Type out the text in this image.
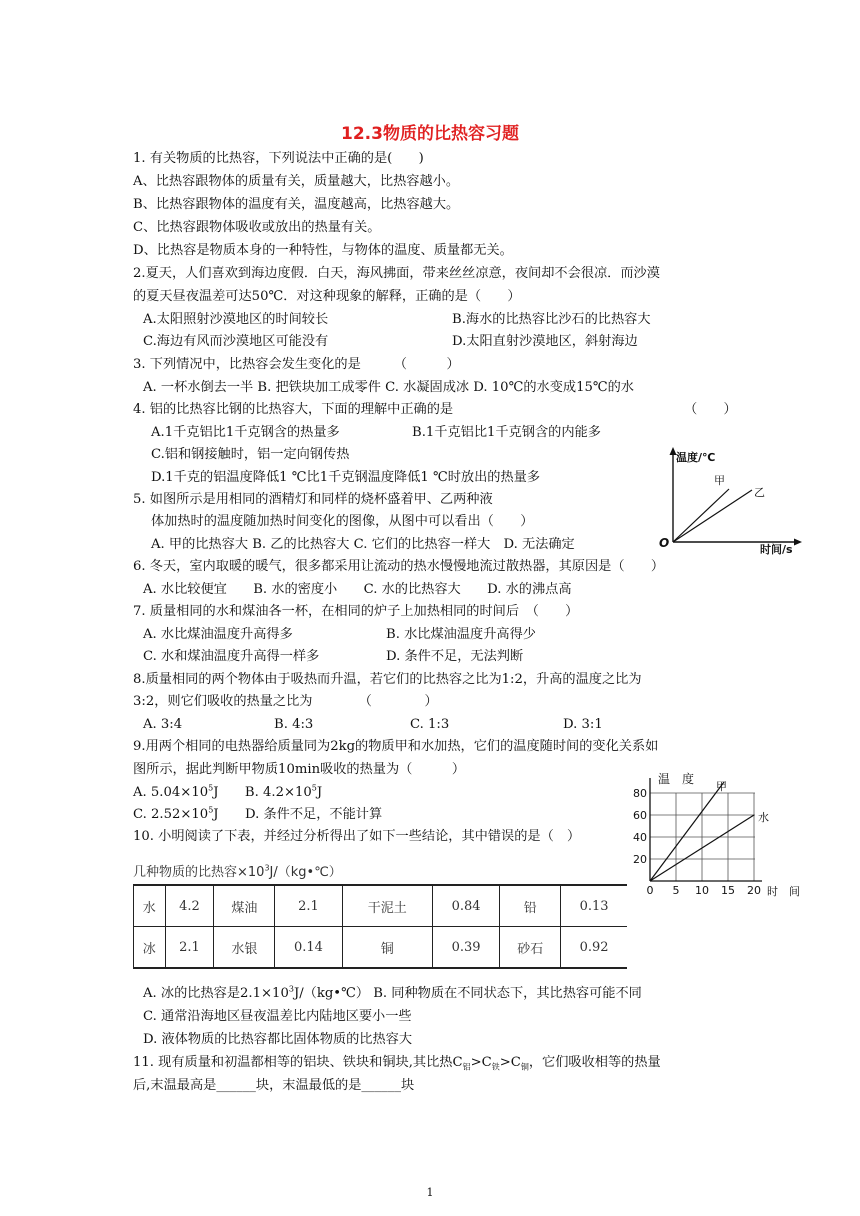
12.3物质的比热容习题
1. 有关物质的比热容，下列说法中正确的是(　　)
A、比热容跟物体的质量有关，质量越大，比热容越小。
B、比热容跟物体的温度有关，温度越高，比热容越大。
C、比热容跟物体吸收或放出的热量有关。
D、比热容是物质本身的一种特性，与物体的温度、质量都无关。
2.夏天，人们喜欢到海边度假．白天，海风拂面，带来丝丝凉意，夜间却不会很凉．而沙漠
的夏天昼夜温差可达50℃．对这种现象的解释，正确的是（　　）
A.太阳照射沙漠地区的时间较长	B.海水的比热容比沙石的比热容大
C.海边有风而沙漠地区可能没有	D.太阳直射沙漠地区，斜射海边
3. 下列情况中，比热容会发生变化的是　　　（　　　）
A. 一杯水倒去一半 B. 把铁块加工成零件 C. 水凝固成冰 D. 10℃的水变成15℃的水
4. 铝的比热容比钢的比热容大，下面的理解中正确的是	（　　）
A.1千克铝比1千克钢含的热量多	B.1千克铝比1千克钢含的内能多
C.铝和钢接触时，铝一定向钢传热
D.1千克的铝温度降低1 ℃比1千克钢温度降低1 ℃时放出的热量多
5. 如图所示是用相同的酒精灯和同样的烧杯盛着甲、乙两种液
体加热时的温度随加热时间变化的图像，从图中可以看出（　　）
A. 甲的比热容大 B. 乙的比热容大 C. 它们的比热容一样大　D. 无法确定
温度/℃
甲
乙
O	时间/s
6. 冬天，室内取暖的暖气，很多都采用让流动的热水慢慢地流过散热器，其原因是（　　）
A. 水比较便宜　　B. 水的密度小　　C. 水的比热容大　　D. 水的沸点高
7. 质量相同的水和煤油各一杯，在相同的炉子上加热相同的时间后　（　　）
A. 水比煤油温度升高得多	B. 水比煤油温度升高得少
C. 水和煤油温度升高得一样多	D. 条件不足，无法判断
8.质量相同的两个物体由于吸热而升温，若它们的比热容之比为1:2，升高的温度之比为
3:2，则它们吸收的热量之比为　　　　（　　　　）
A. 3:4	B. 4:3	C. 1:3	D. 3:1
9.用两个相同的电热器给质量同为2kg的物质甲和水加热，它们的温度随时间的变化关系如
图所示，据此判断甲物质10min吸收的热量为（　　　）
A. $5.04\times 10^5J$ B. $4.2\times 10^5J$
C. $2.52\times 10^5J$ D. 条件不足，不能计算
温　度
甲
水
80
60
40
20
0 5 10 15 20 时　间
10. 小明阅读了下表，并经过分析得出了如下一些结论，其中错误的是（　）
几种物质的比热容$\times 10^3J/(kg•℃)$
水	4.2	煤油	2.1	干泥土	0.84	铅	0.13
冰	2.1	水银	0.14	铜	0.39	砂石	0.92
A. 冰的比热容是$2.1\times 10^3J/(kg•℃)$ B. 同种物质在不同状态下，其比热容可能不同
C. 通常沿海地区昼夜温差比内陆地区要小一些
D. 液体物质的比热容都比固体物质的比热容大
11. 现有质量和初温都相等的铝块、铁块和铜块,其比热$C_铝>C_铁>C_铜$，它们吸收相等的热量
后,末温最高是______块，末温最低的是______块
1
